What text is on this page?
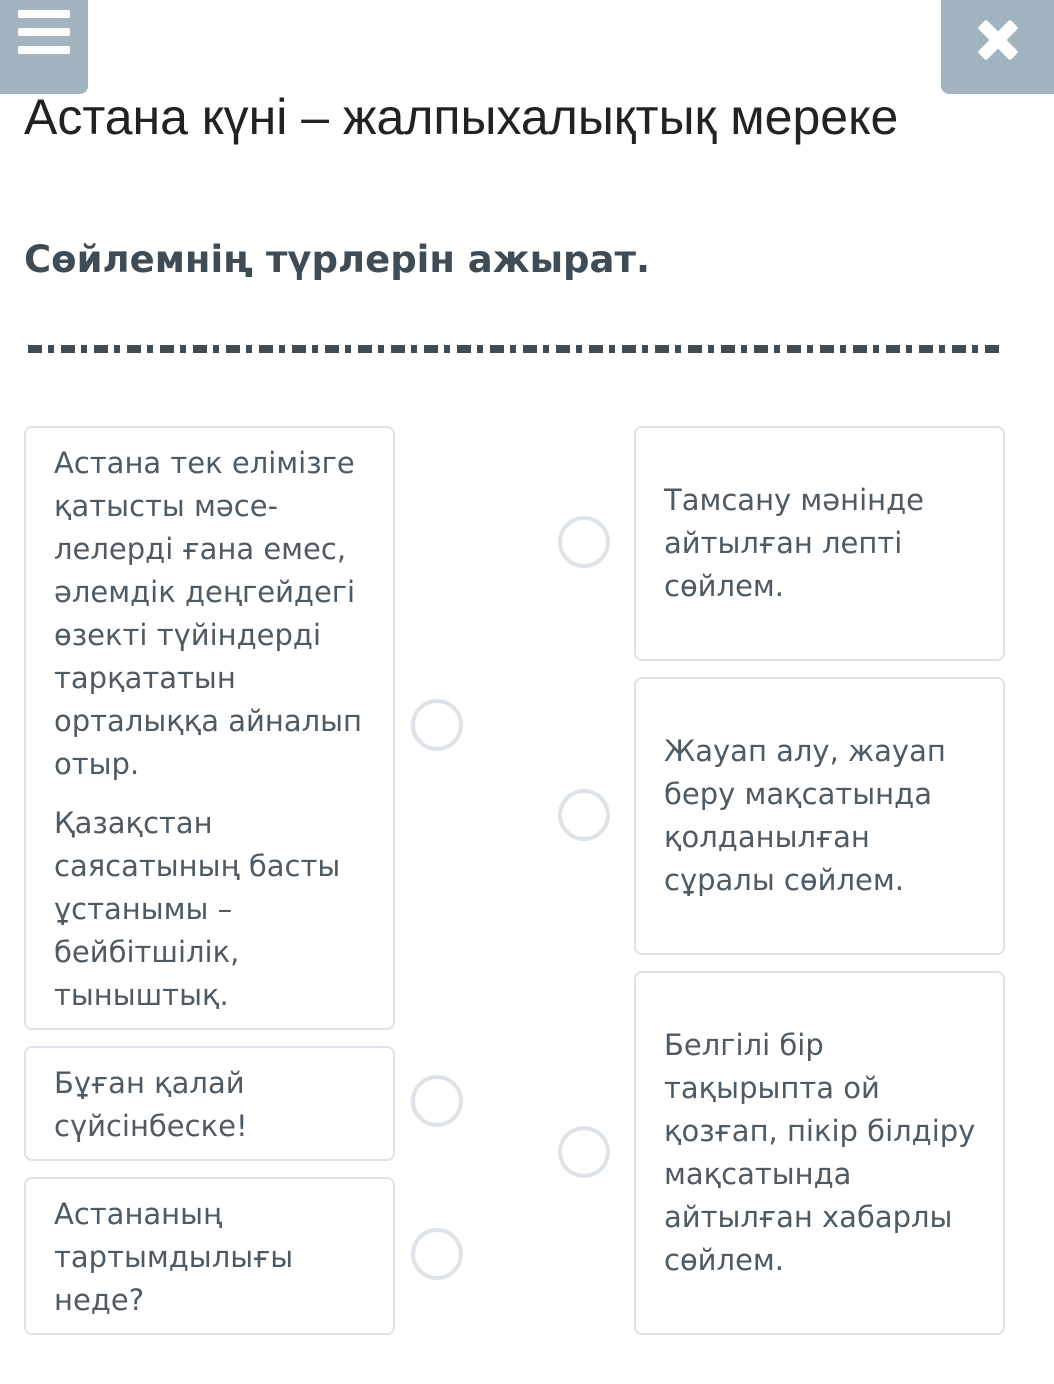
Астана күні – жалпыхалықтық мереке
Сөйлемнің түрлерін ажырат.

Астана тек елімізге қатысты мәсе-лелерді ғана емес, әлемдік деңгейдегі өзекті түйіндерді тарқататын орталыққа айналып отыр.

Қазақстан саясатының басты ұстанымы – бейбітшілік, тыныштық.

Бұған қалай сүйсінбеске!

Астананың тартымдылығы неде?

Тамсану мәнінде айтылған лепті сөйлем.

Жауап алу, жауап беру мақсатында қолданылған сұралы сөйлем.

Белгілі бір тақырыпта ой қозғап, пікір білдіру мақсатында айтылған хабарлы сөйлем.
